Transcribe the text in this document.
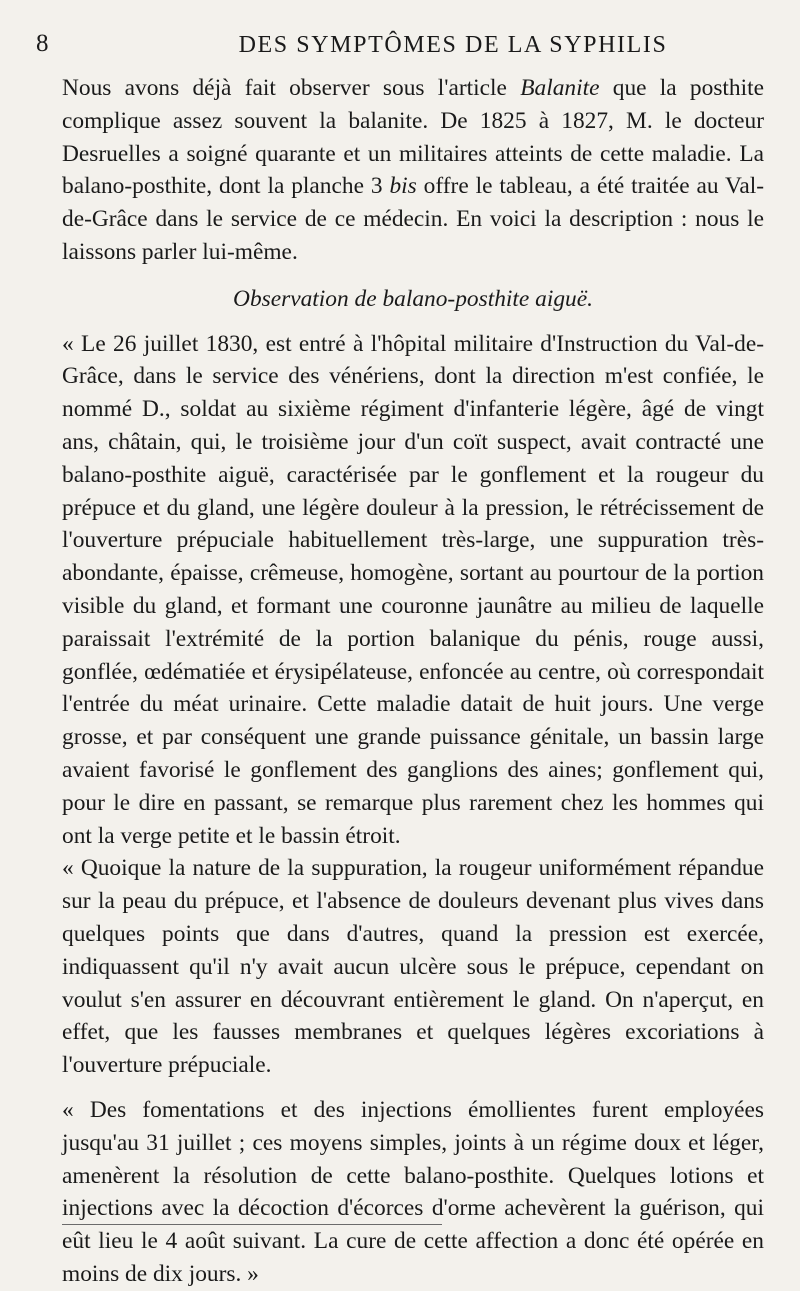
8	DES SYMPTÔMES DE LA SYPHILIS

Nous avons déjà fait observer sous l'article Balanite que la posthite complique assez souvent la balanite. De 1825 à 1827, M. le docteur Desruelles a soigné quarante et un militaires atteints de cette maladie. La balano-posthite, dont la planche 3 bis offre le tableau, a été traitée au Val-de-Grâce dans le service de ce médecin. En voici la description : nous le laissons parler lui-même.

Observation de balano-posthite aiguë.

« Le 26 juillet 1830, est entré à l'hôpital militaire d'Instruction du Val-de-Grâce, dans le service des vénériens, dont la direction m'est confiée, le nommé D., soldat au sixième régiment d'infanterie légère, âgé de vingt ans, châtain, qui, le troisième jour d'un coït suspect, avait contracté une balano-posthite aiguë, caractérisée par le gonflement et la rougeur du prépuce et du gland, une légère douleur à la pression, le rétrécissement de l'ouverture prépuciale habituellement très-large, une suppuration très-abondante, épaisse, crêmeuse, homogène, sortant au pourtour de la portion visible du gland, et formant une couronne jaunâtre au milieu de laquelle paraissait l'extrémité de la portion balanique du pénis, rouge aussi, gonflée, œdématiée et érysipélateuse, enfoncée au centre, où correspondait l'entrée du méat urinaire. Cette maladie datait de huit jours. Une verge grosse, et par conséquent une grande puissance génitale, un bassin large avaient favorisé le gonflement des ganglions des aines; gonflement qui, pour le dire en passant, se remarque plus rarement chez les hommes qui ont la verge petite et le bassin étroit.

« Quoique la nature de la suppuration, la rougeur uniformément répandue sur la peau du prépuce, et l'absence de douleurs devenant plus vives dans quelques points que dans d'autres, quand la pression est exercée, indiquassent qu'il n'y avait aucun ulcère sous le prépuce, cependant on voulut s'en assurer en découvrant entièrement le gland. On n'aperçut, en effet, que les fausses membranes et quelques légères excoriations à l'ouverture prépuciale.

« Des fomentations et des injections émollientes furent employées jusqu'au 31 juillet ; ces moyens simples, joints à un régime doux et léger, amenèrent la résolution de cette balano-posthite. Quelques lotions et injections avec la décoction d'écorces d'orme achevèrent la guérison, qui eût lieu le 4 août suivant. La cure de cette affection a donc été opérée en moins de dix jours. »
